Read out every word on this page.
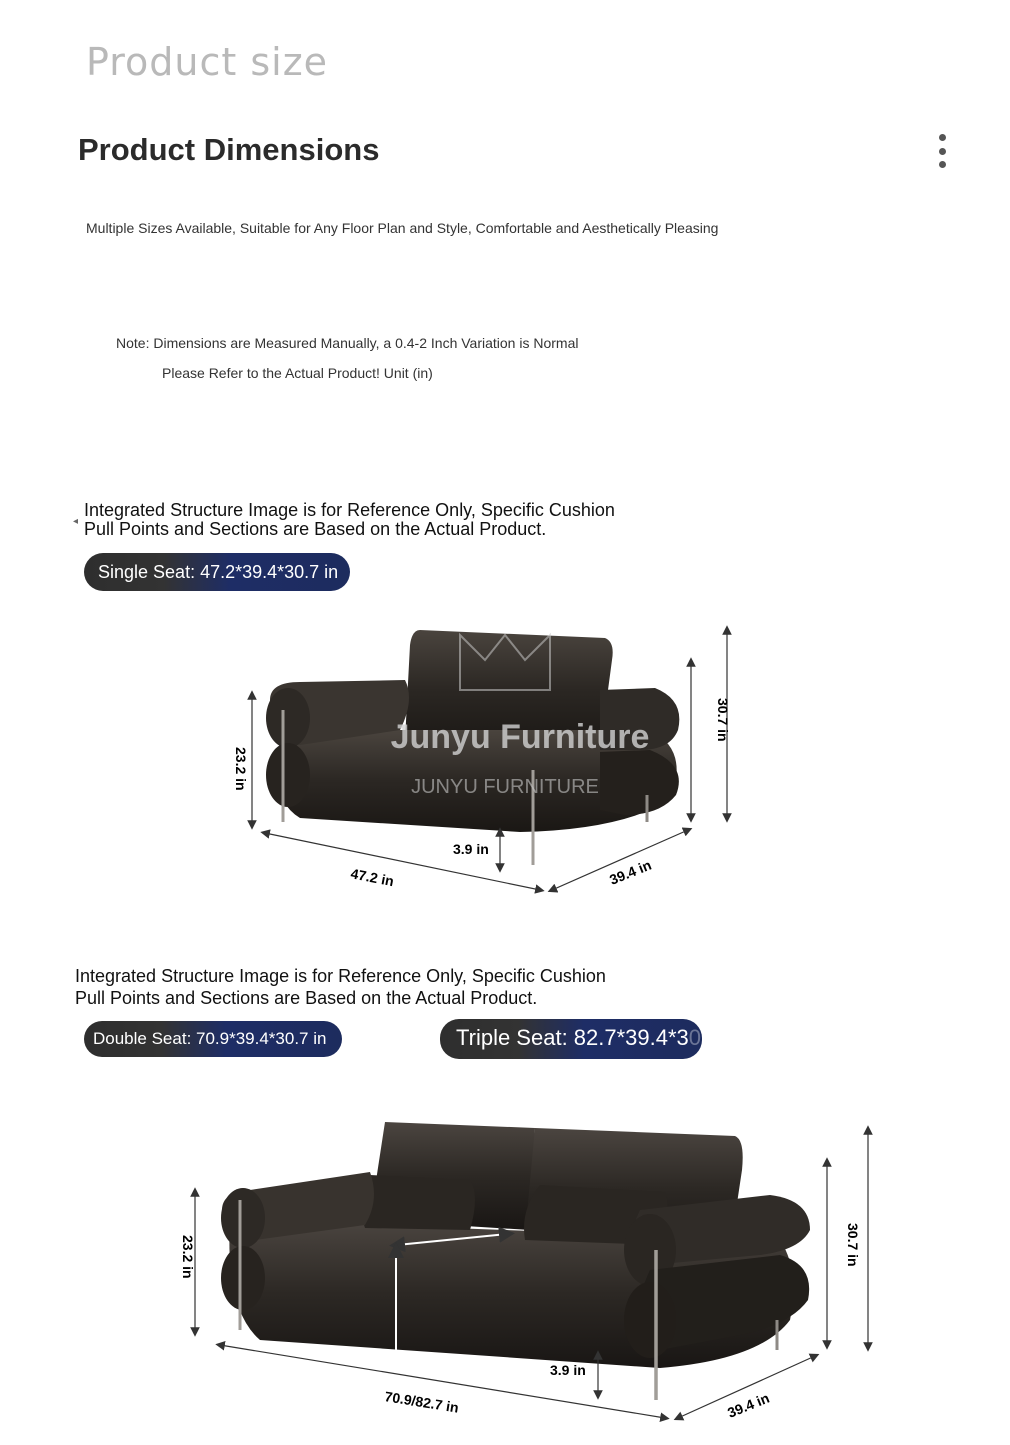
Product size
Product Dimensions
Multiple Sizes Available, Suitable for Any Floor Plan and Style, Comfortable and Aesthetically Pleasing
Note: Dimensions are Measured Manually, a 0.4-2 Inch Variation is Normal
Please Refer to the Actual Product! Unit (in)
◂
Integrated Structure Image is for Reference Only, Specific Cushion
Pull Points and Sections are Based on the Actual Product.
Single Seat: 47.2*39.4*30.7 in
Junyu Furniture
JUNYU FURNITURE
23.2 in
30.7 in
3.9 in
47.2 in	39.4 in
Integrated Structure Image is for Reference Only, Specific Cushion
Pull Points and Sections are Based on the Actual Product.
Double Seat: 70.9*39.4*30.7 in	Triple Seat: 82.7*39.4*30.7 in
23.2 in	30.7 in
3.9 in
70.9/82.7 in	39.4 in
